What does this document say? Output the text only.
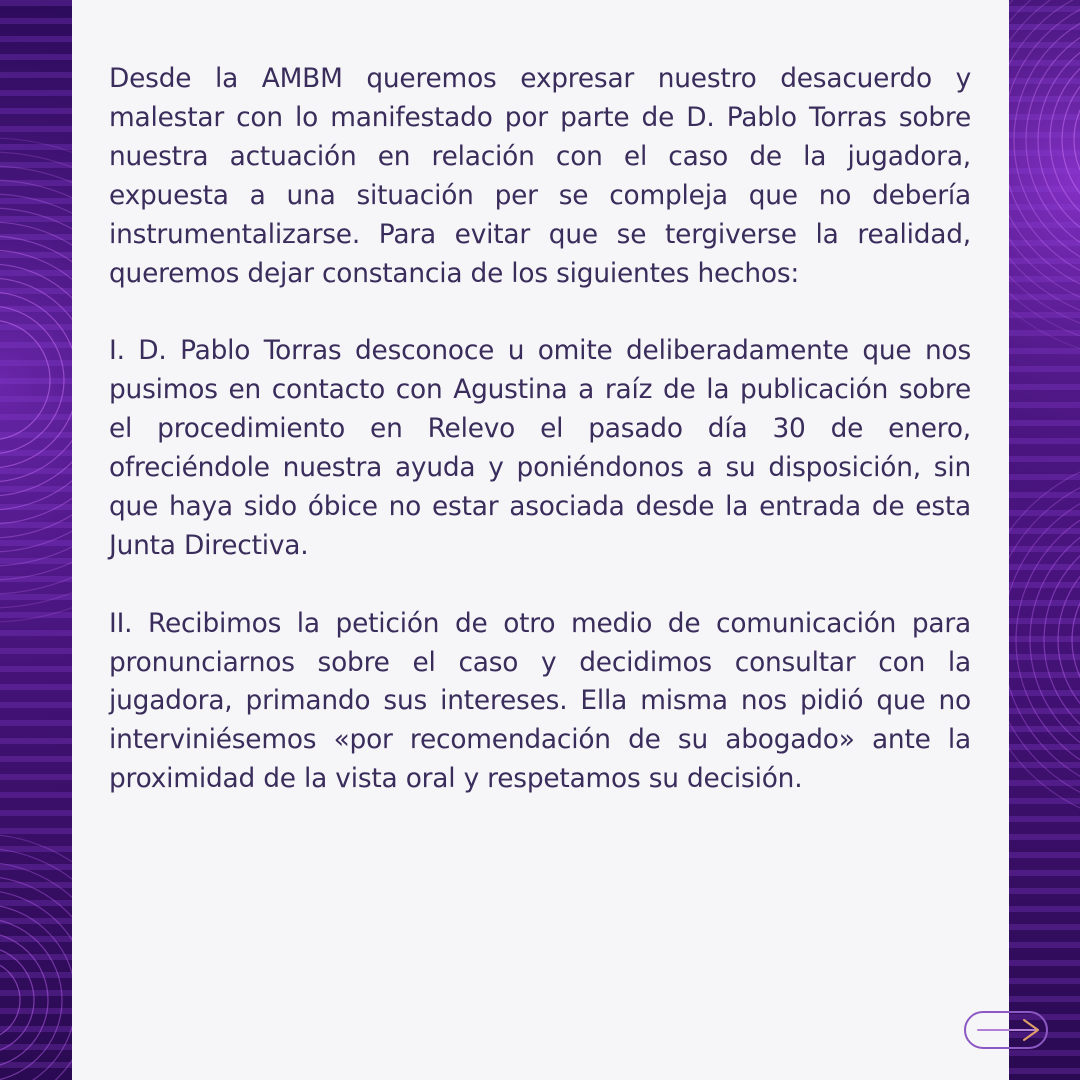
Desde la AMBM queremos expresar nuestro desacuerdo y malestar con lo manifestado por parte de D. Pablo Torras sobre nuestra actuación en relación con el caso de la jugadora, expuesta a una situación per se compleja que no debería instrumentalizarse. Para evitar que se tergiverse la realidad, queremos dejar constancia de los siguientes hechos:

I. D. Pablo Torras desconoce u omite deliberadamente que nos pusimos en contacto con Agustina a raíz de la publicación sobre el procedimiento en Relevo el pasado día 30 de enero, ofreciéndole nuestra ayuda y poniéndonos a su disposición, sin que haya sido óbice no estar asociada desde la entrada de esta Junta Directiva.

II. Recibimos la petición de otro medio de comunicación para pronunciarnos sobre el caso y decidimos consultar con la jugadora, primando sus intereses. Ella misma nos pidió que no interviniésemos «por recomendación de su abogado» ante la proximidad de la vista oral y respetamos su decisión.
